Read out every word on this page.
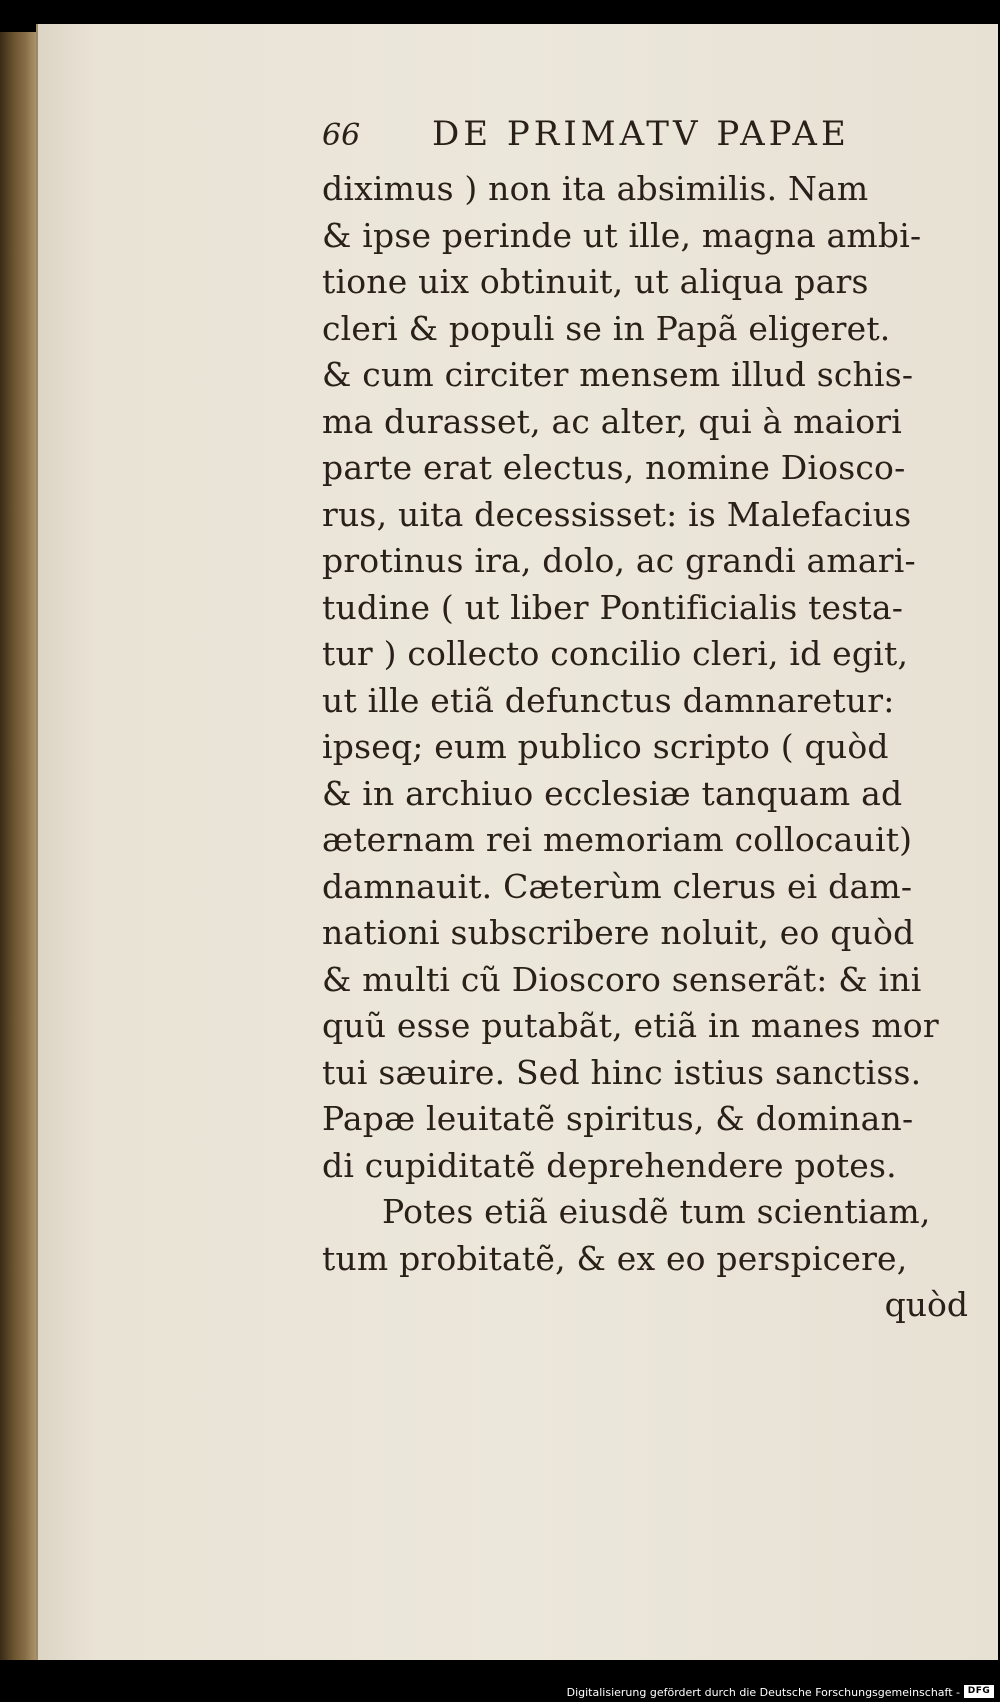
66	DE PRIMATV PAPAE
diximus ) non ita absimilis. Nam
& ipse perinde ut ille, magna ambi-
tione uix obtinuit, ut aliqua pars
cleri & populi se in Papã eligeret.
& cum circiter mensem illud schis-
ma durasset, ac alter, qui à maiori
parte erat electus, nomine Diosco-
rus, uita decessisset: is Malefacius
protinus ira, dolo, ac grandi amari-
tudine ( ut liber Pontificialis testa-
tur ) collecto concilio cleri, id egit,
ut ille etiã defunctus damnaretur:
ipseq; eum publico scripto ( quòd
& in archiuo ecclesiæ tanquam ad
æternam rei memoriam collocauit)
damnauit. Cæterùm clerus ei dam-
nationi subscribere noluit, eo quòd
& multi cũ Dioscoro senserãt: & ini
quũ esse putabãt, etiã in manes mor
tui sæuire. Sed hinc istius sanctiss.
Papæ leuitatẽ spiritus, & dominan-
di cupiditatẽ deprehendere potes.
Potes etiã eiusdẽ tum scientiam,
tum probitatẽ, & ex eo perspicere,
quòd
Digitalisierung gefördert durch die Deutsche Forschungsgemeinschaft - DFG
